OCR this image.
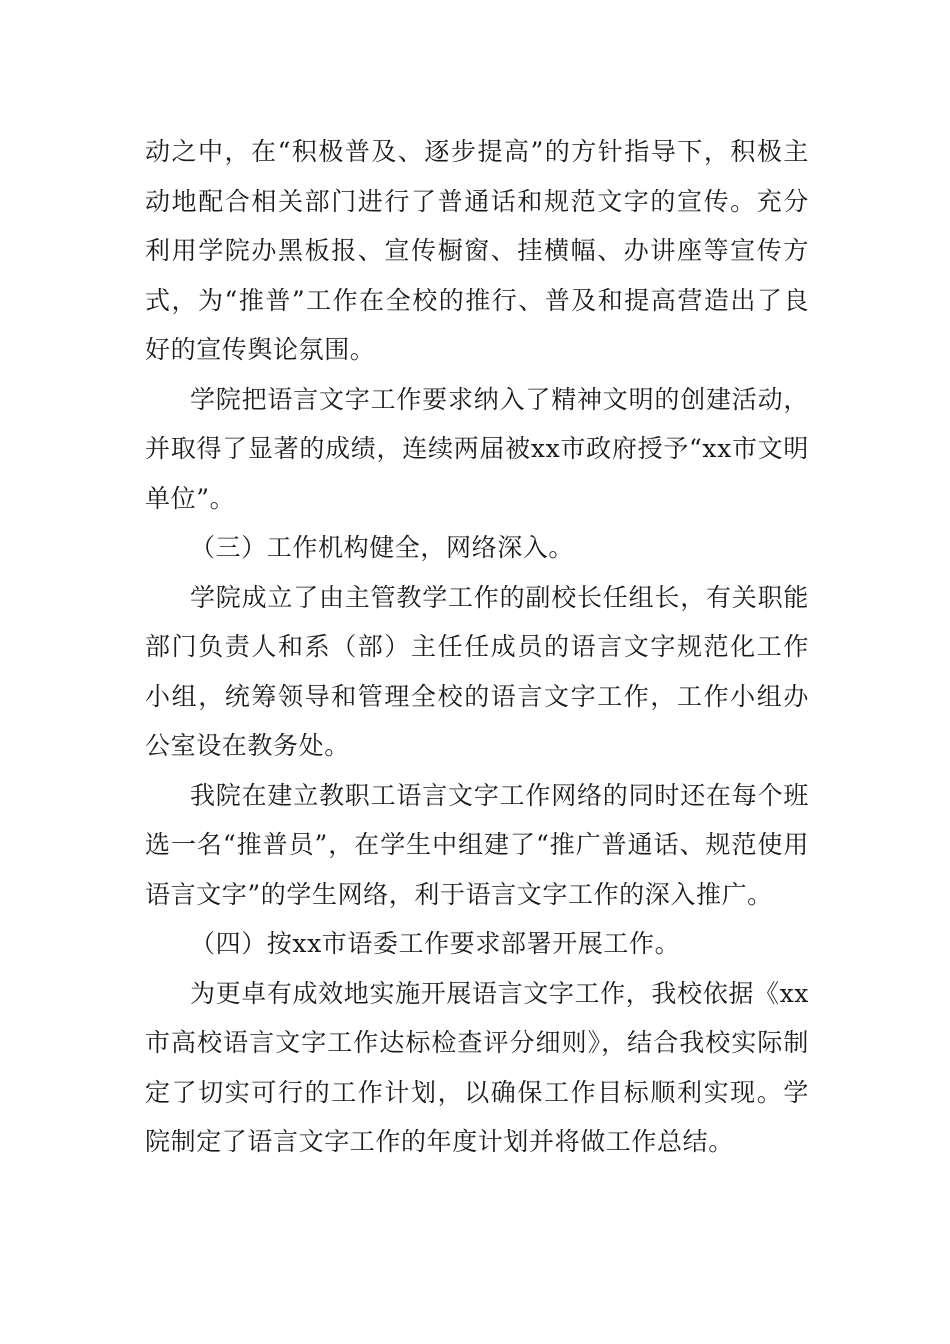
动之中，在“积极普及、逐步提高”的方针指导下，积极主动地配合相关部门进行了普通话和规范文字的宣传。充分利用学院办黑板报、宣传橱窗、挂横幅、办讲座等宣传方式，为“推普”工作在全校的推行、普及和提高营造出了良好的宣传舆论氛围。

学院把语言文字工作要求纳入了精神文明的创建活动，并取得了显著的成绩，连续两届被xx市政府授予“xx市文明单位”。

（三）工作机构健全，网络深入。

学院成立了由主管教学工作的副校长任组长，有关职能部门负责人和系（部）主任任成员的语言文字规范化工作小组，统筹领导和管理全校的语言文字工作，工作小组办公室设在教务处。

我院在建立教职工语言文字工作网络的同时还在每个班选一名“推普员”，在学生中组建了“推广普通话、规范使用语言文字”的学生网络，利于语言文字工作的深入推广。

（四）按xx市语委工作要求部署开展工作。

为更卓有成效地实施开展语言文字工作，我校依据《xx市高校语言文字工作达标检查评分细则》，结合我校实际制定了切实可行的工作计划，以确保工作目标顺利实现。学院制定了语言文字工作的年度计划并将做工作总结。
